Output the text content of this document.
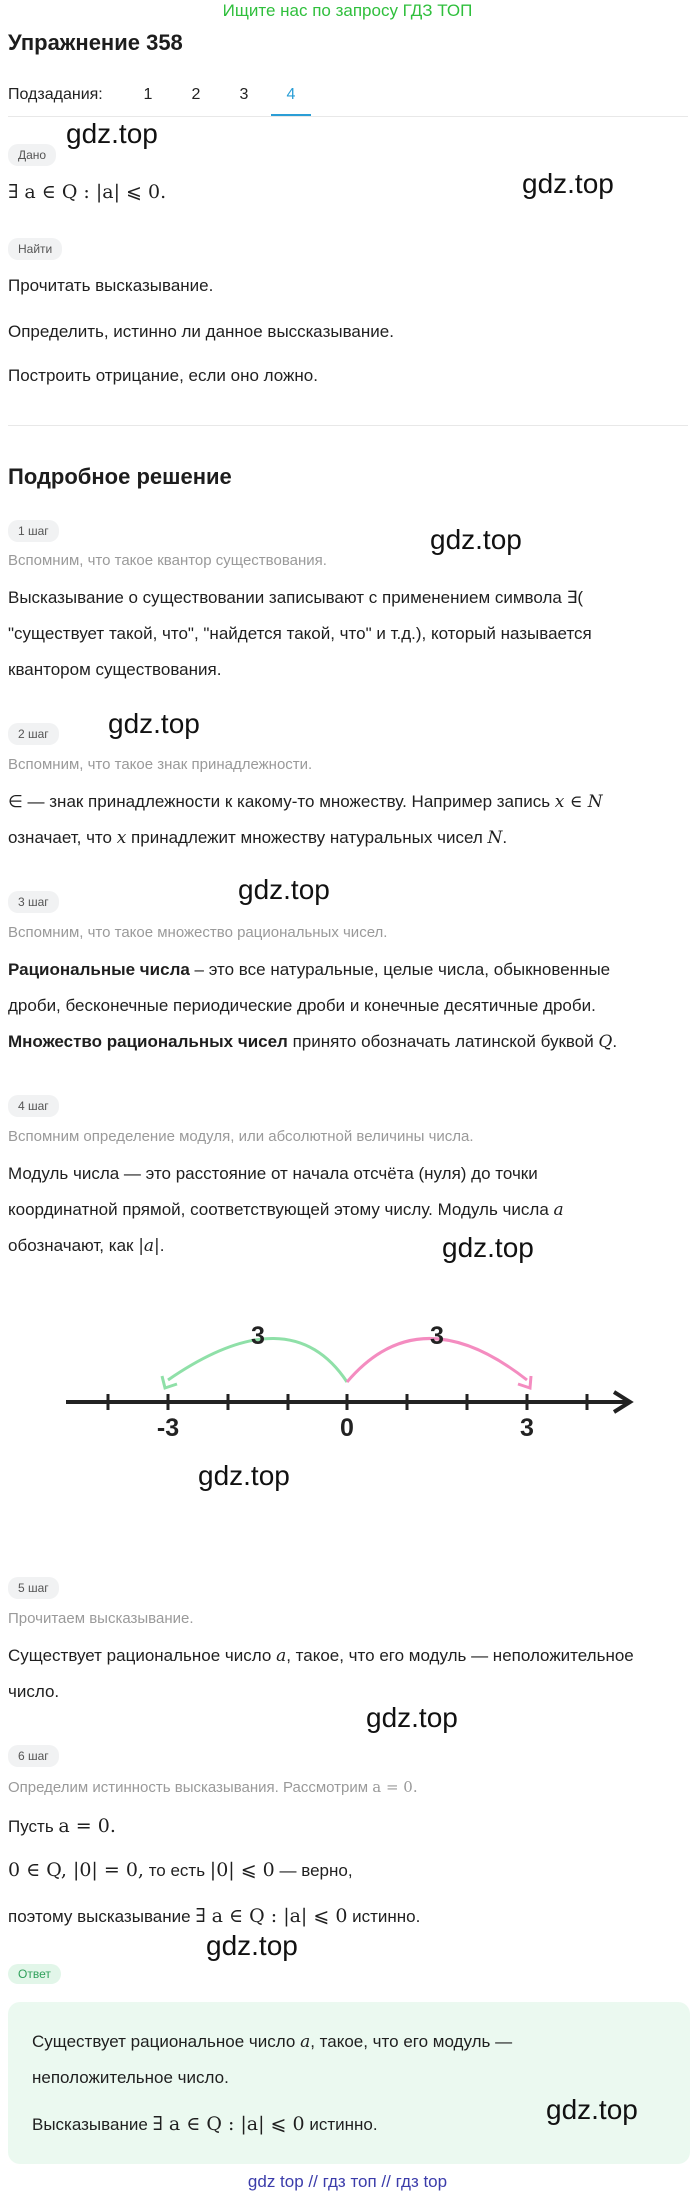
Ищите нас по запросу ГДЗ ТОП
Упражнение 358
Подзадания:	1	2	3	4
Дано
∃ a ∈ Q : |a| ⩽ 0.
Найти
Прочитать высказывание.
Определить, истинно ли данное высскaзывание.
Построить отрицание, если оно ложно.
Подробное решение
1 шаг
Вспомним, что такое квантор существования.
Высказывание о существовании записывают с применением символа ∃(
"существует такой, что", "найдется такой, что" и т.д.), который называется
квантором существования.
2 шаг
Вспомним, что такое знак принадлежности.
∈ — знак принадлежности к какому-то множеству. Например запись x ∈ N
означает, что x принадлежит множеству натуральных чисел N.
3 шаг
Вспомним, что такое множество рациональных чисел.
Рациональные числа – это все натуральные, целые числа, обыкновенные
дроби, бесконечные периодические дроби и конечные десятичные дроби.
Множество рациональных чисел принято обозначать латинской буквой Q.
4 шаг
Вспомним определение модуля, или абсолютной величины числа.
Модуль числа — это расстояние от начала отсчёта (нуля) до точки
координатной прямой, соответствующей этому числу. Модуль числа a
обозначают, как |a|.
3	3
-3	0	3
5 шаг
Прочитаем высказывание.
Существует рациональное число a, такое, что его модуль — неположительное
число.
6 шаг
Определим истинность высказывания. Рассмотрим a = 0.
Пусть a = 0.
0 ∈ Q, |0| = 0, то есть |0| ⩽ 0 — верно,
поэтому высказывание ∃ a ∈ Q : |a| ⩽ 0 истинно.
Ответ
Существует рациональное число a, такое, что его модуль —
неположительное число.
Высказывание ∃ a ∈ Q : |a| ⩽ 0 истинно.
gdz.top
gdz.top
gdz.top
gdz.top
gdz.top
gdz.top
gdz.top
gdz.top
gdz.top
gdz.top
gdz top // гдз топ // гдз top
